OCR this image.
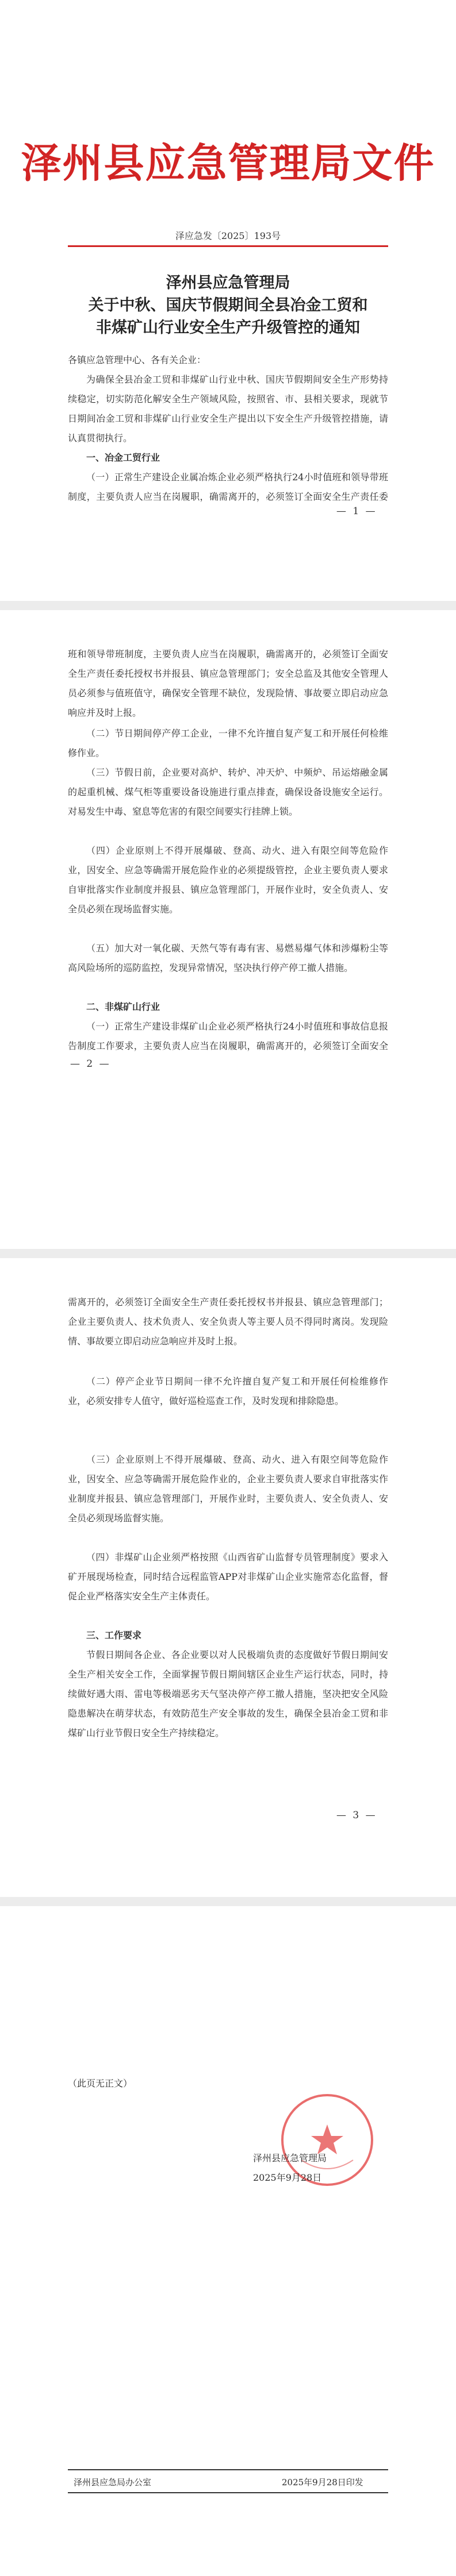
泽州县应急管理局文件
泽应急发〔2025〕193号
泽州县应急管理局
关于中秋、国庆节假期间全县冶金工贸和
非煤矿山行业安全生产升级管控的通知

各镇应急管理中心、各有关企业：

为确保全县冶金工贸和非煤矿山行业中秋、国庆节假期间安全生产形势持续稳定，切实防范化解安全生产领域风险，按照省、市、县相关要求，现就节日期间冶金工贸和非煤矿山行业安全生产提出以下安全生产升级管控措施，请认真贯彻执行。

一、冶金工贸行业

（一）正常生产建设企业属冶炼企业必须严格执行24小时值班和领导带班制度，主要负责人应当在岗履职，确需离开的，必须签订全面安全生产责任委
— 1 —

班和领导带班制度，主要负责人应当在岗履职，确需离开的，必须签订全面安全生产责任委托授权书并报县、镇应急管理部门；安全总监及其他安全管理人员必须参与值班值守，确保安全管理不缺位，发现险情、事故要立即启动应急响应并及时上报。

（二）节日期间停产停工企业，一律不允许擅自复产复工和开展任何检维修作业。

（三）节假日前，企业要对高炉、转炉、冲天炉、中频炉、吊运熔融金属的起重机械、煤气柜等重要设备设施进行重点排查，确保设备设施安全运行。对易发生中毒、窒息等危害的有限空间要实行挂牌上锁。

（四）企业原则上不得开展爆破、登高、动火、进入有限空间等危险作业，因安全、应急等确需开展危险作业的必须提级管控，企业主要负责人要求自审批落实作业制度并报县、镇应急管理部门，开展作业时，安全负责人、安全员必须在现场监督实施。

（五）加大对一氧化碳、天然气等有毒有害、易燃易爆气体和涉爆粉尘等高风险场所的巡防监控，发现异常情况，坚决执行停产停工撤人措施。

二、非煤矿山行业

（一）正常生产建设非煤矿山企业必须严格执行24小时值班和事故信息报告制度工作要求，主要负责人应当在岗履职，确需离开的，必须签订全面安全
— 2 —

需离开的，必须签订全面安全生产责任委托授权书并报县、镇应急管理部门；企业主要负责人、技术负责人、安全负责人等主要人员不得同时离岗。发现险情、事故要立即启动应急响应并及时上报。

（二）停产企业节日期间一律不允许擅自复产复工和开展任何检维修作业，必须安排专人值守，做好巡检巡查工作，及时发现和排除隐患。

（三）企业原则上不得开展爆破、登高、动火、进入有限空间等危险作业，因安全、应急等确需开展危险作业的，企业主要负责人要求自审批落实作业制度并报县、镇应急管理部门，开展作业时，主要负责人、安全负责人、安全员必须现场监督实施。

（四）非煤矿山企业须严格按照《山西省矿山监督专员管理制度》要求入矿开展现场检查，同时结合远程监管APP对非煤矿山企业实施常态化监督，督促企业严格落实安全生产主体责任。

三、工作要求

节假日期间各企业、各企业要以对人民极端负责的态度做好节假日期间安全生产相关安全工作，全面掌握节假日期间辖区企业生产运行状态，同时，持续做好遇大雨、雷电等极端恶劣天气坚决停产停工撤人措施，坚决把安全风险隐患解决在萌芽状态，有效防范生产安全事故的发生，确保全县冶金工贸和非煤矿山行业节假日安全生产持续稳定。

— 3 —
（此页无正文）
泽州县应急管理局
2025年9月28日
泽州县应急局办公室	2025年9月28日印发
